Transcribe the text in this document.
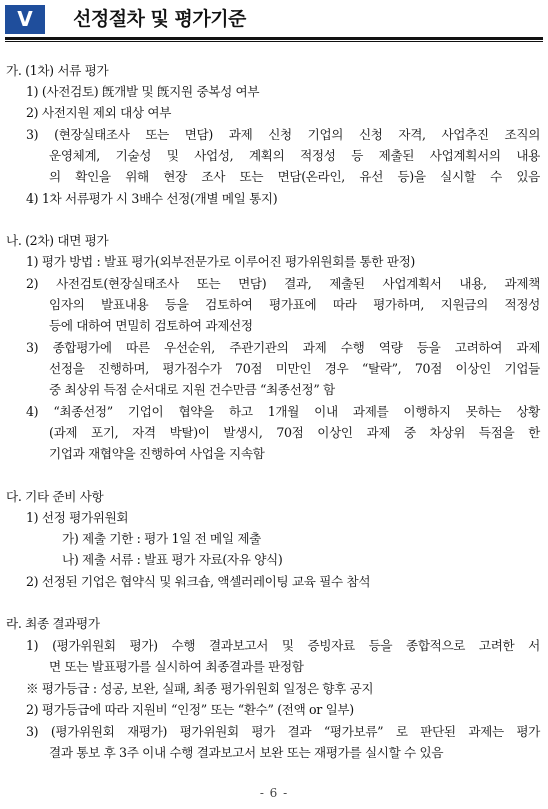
V	선정절차 및 평가기준
가. (1차) 서류 평가
1) (사전검토) 旣개발 및 旣지원 중복성 여부
2) 사전지원 제외 대상 여부
3) (현장실태조사 또는 면담) 과제 신청 기업의 신청 자격, 사업추진 조직의
운영체계, 기술성 및 사업성, 계획의 적정성 등 제출된 사업계획서의 내용
의 확인을 위해 현장 조사 또는 면담(온라인, 유선 등)을 실시할 수 있음
4) 1차 서류평가 시 3배수 선정(개별 메일 통지)
나. (2차) 대면 평가
1) 평가 방법 : 발표 평가(외부전문가로 이루어진 평가위원회를 통한 판정)
2) 사전검토(현장실태조사 또는 면담) 결과, 제출된 사업계획서 내용, 과제책
임자의 발표내용 등을 검토하여 평가표에 따라 평가하며, 지원금의 적정성
등에 대하여 면밀히 검토하여 과제선정
3) 종합평가에 따른 우선순위, 주관기관의 과제 수행 역량 등을 고려하여 과제
선정을 진행하며, 평가점수가 70점 미만인 경우 “탈락”, 70점 이상인 기업들
중 최상위 득점 순서대로 지원 건수만큼 “최종선정” 함
4) “최종선정” 기업이 협약을 하고 1개월 이내 과제를 이행하지 못하는 상황
(과제 포기, 자격 박탈)이 발생시, 70점 이상인 과제 중 차상위 득점을 한
기업과 재협약을 진행하여 사업을 지속함
다. 기타 준비 사항
1) 선정 평가위원회
가) 제출 기한 : 평가 1일 전 메일 제출
나) 제출 서류 : 발표 평가 자료(자유 양식)
2) 선정된 기업은 협약식 및 워크숍, 액셀러레이팅 교육 필수 참석
라. 최종 결과평가
1) (평가위원회 평가) 수행 결과보고서 및 증빙자료 등을 종합적으로 고려한 서
면 또는 발표평가를 실시하여 최종결과를 판정함
※ 평가등급 : 성공, 보완, 실패, 최종 평가위원회 일정은 향후 공지
2) 평가등급에 따라 지원비 “인정” 또는 “환수” (전액 or 일부)
3) (평가위원회 재평가) 평가위원회 평가 결과 “평가보류” 로 판단된 과제는 평가
결과 통보 후 3주 이내 수행 결과보고서 보완 또는 재평가를 실시할 수 있음
- 6 -
